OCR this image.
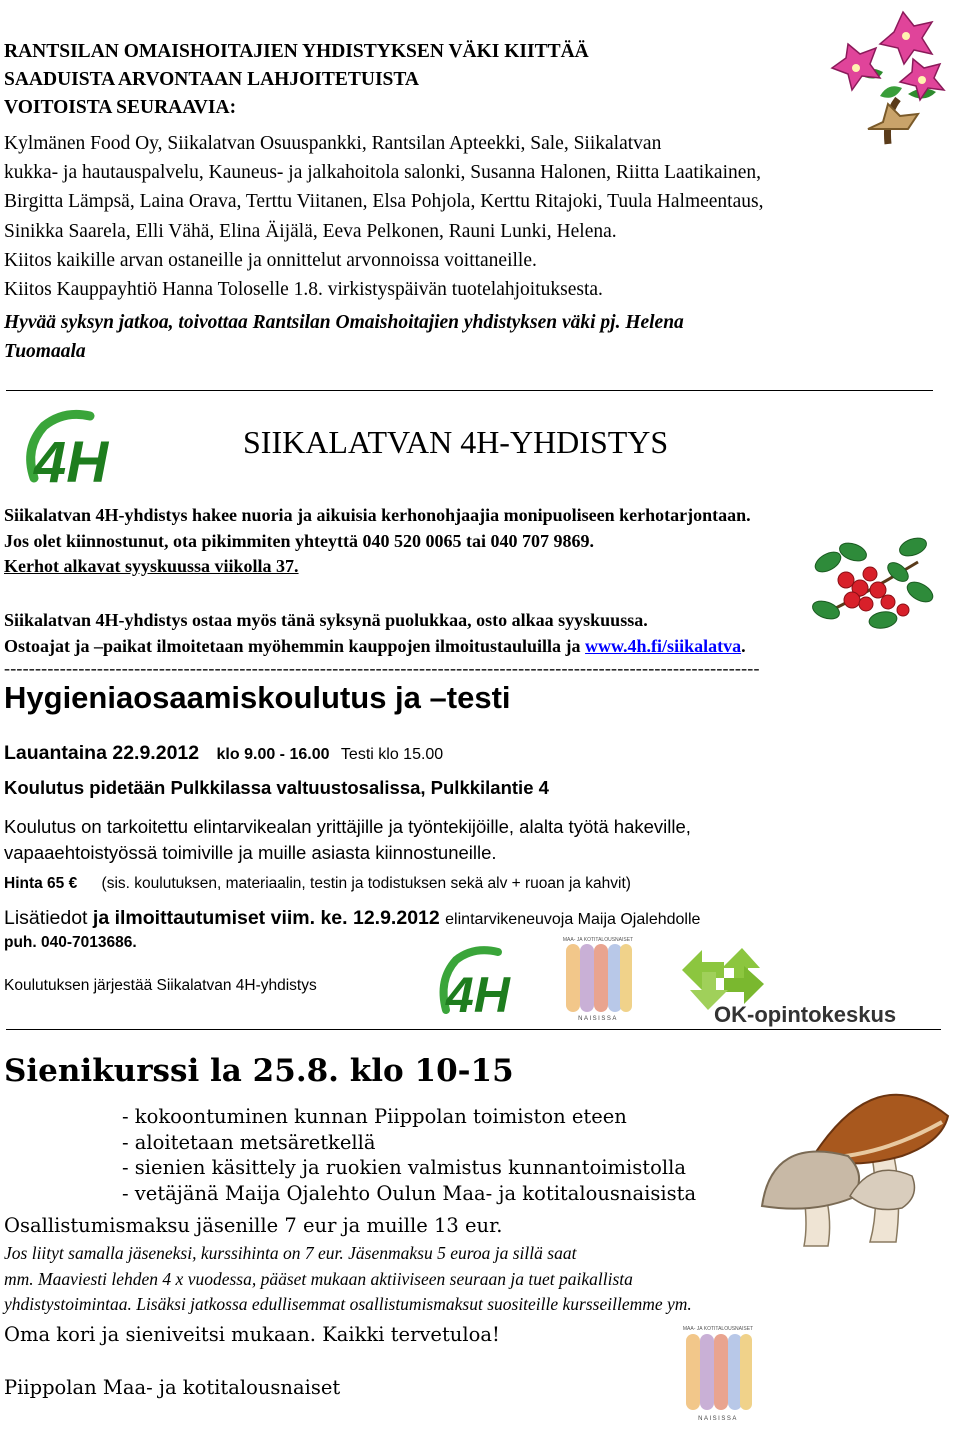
RANTSILAN OMAISHOITAJIEN YHDISTYKSEN VÄKI KIITTÄÄ
SAADUISTA ARVONTAAN LAHJOITETUISTA
VOITOISTA SEURAAVIA:
Kylmänen Food Oy, Siikalatvan Osuuspankki, Rantsilan Apteekki, Sale, Siikalatvan
kukka- ja hautauspalvelu, Kauneus- ja jalkahoitola salonki, Susanna Halonen, Riitta Laatikainen,
Birgitta Lämpsä, Laina Orava, Terttu Viitanen, Elsa Pohjola, Kerttu Ritajoki, Tuula Halmeentaus,
Sinikka Saarela, Elli Vähä, Elina Äijälä, Eeva Pelkonen, Rauni Lunki, Helena.
Kiitos kaikille arvan ostaneille ja onnittelut arvonnoissa voittaneille.
Kiitos Kauppayhtiö Hanna Toloselle 1.8. virkistyspäivän tuotelahjoituksesta.
Hyvää syksyn jatkoa, toivottaa Rantsilan Omaishoitajien yhdistyksen väki pj. Helena
Tuomaala
4H	SIIKALATVAN 4H-YHDISTYS
Siikalatvan 4H-yhdistys hakee nuoria ja aikuisia kerhonohjaajia monipuoliseen kerhotarjontaan.
Jos olet kiinnostunut, ota pikimmiten yhteyttä 040 520 0065 tai 040 707 9869.
Kerhot alkavat syyskuussa viikolla 37.
Siikalatvan 4H-yhdistys ostaa myös tänä syksynä puolukkaa, osto alkaa syyskuussa.
Ostoajat ja –paikat ilmoitetaan myöhemmin kauppojen ilmoitustauluilla ja www.4h.fi/siikalatva.
--------------------------------------------------------------------------------------------------------------------------
Hygieniaosaamiskoulutus ja –testi
Lauantaina 22.9.2012 klo 9.00 - 16.00 Testi klo 15.00
Koulutus pidetään Pulkkilassa valtuustosalissa, Pulkkilantie 4
Koulutus on tarkoitettu elintarvikealan yrittäjille ja työntekijöille, alalta työtä hakeville,
vapaaehtoistyössä toimiville ja muille asiasta kiinnostuneille.
Hinta 65 € (sis. koulutuksen, materiaalin, testin ja todistuksen sekä alv + ruoan ja kahvit)
Lisätiedot ja ilmoittautumiset viim. ke. 12.9.2012 elintarvikeneuvoja Maija Ojalehdolle
puh. 040-7013686.
Koulutuksen järjestää Siikalatvan 4H-yhdistys	4H
MAA- JA KOTITALOUSNAISET
NAISISSA	OK-opintokeskus
Sienikurssi la 25.8. klo 10-15
- kokoontuminen kunnan Piippolan toimiston eteen
- aloitetaan metsäretkellä
- sienien käsittely ja ruokien valmistus kunnantoimistolla
- vetäjänä Maija Ojalehto Oulun Maa- ja kotitalousnaisista
Osallistumismaksu jäsenille 7 eur ja muille 13 eur.
Jos liityt samalla jäseneksi, kurssihinta on 7 eur. Jäsenmaksu 5 euroa ja sillä saat
mm. Maaviesti lehden 4 x vuodessa, pääset mukaan aktiiviseen seuraan ja tuet paikallista
yhdistystoimintaa. Lisäksi jatkossa edullisemmat osallistumismaksut suositeille kursseillemme ym.
Oma kori ja sieniveitsi mukaan. Kaikki tervetuloa!
Piippolan Maa- ja kotitalousnaiset
MAA- JA KOTITALOUSNAISET
NAISISSA
